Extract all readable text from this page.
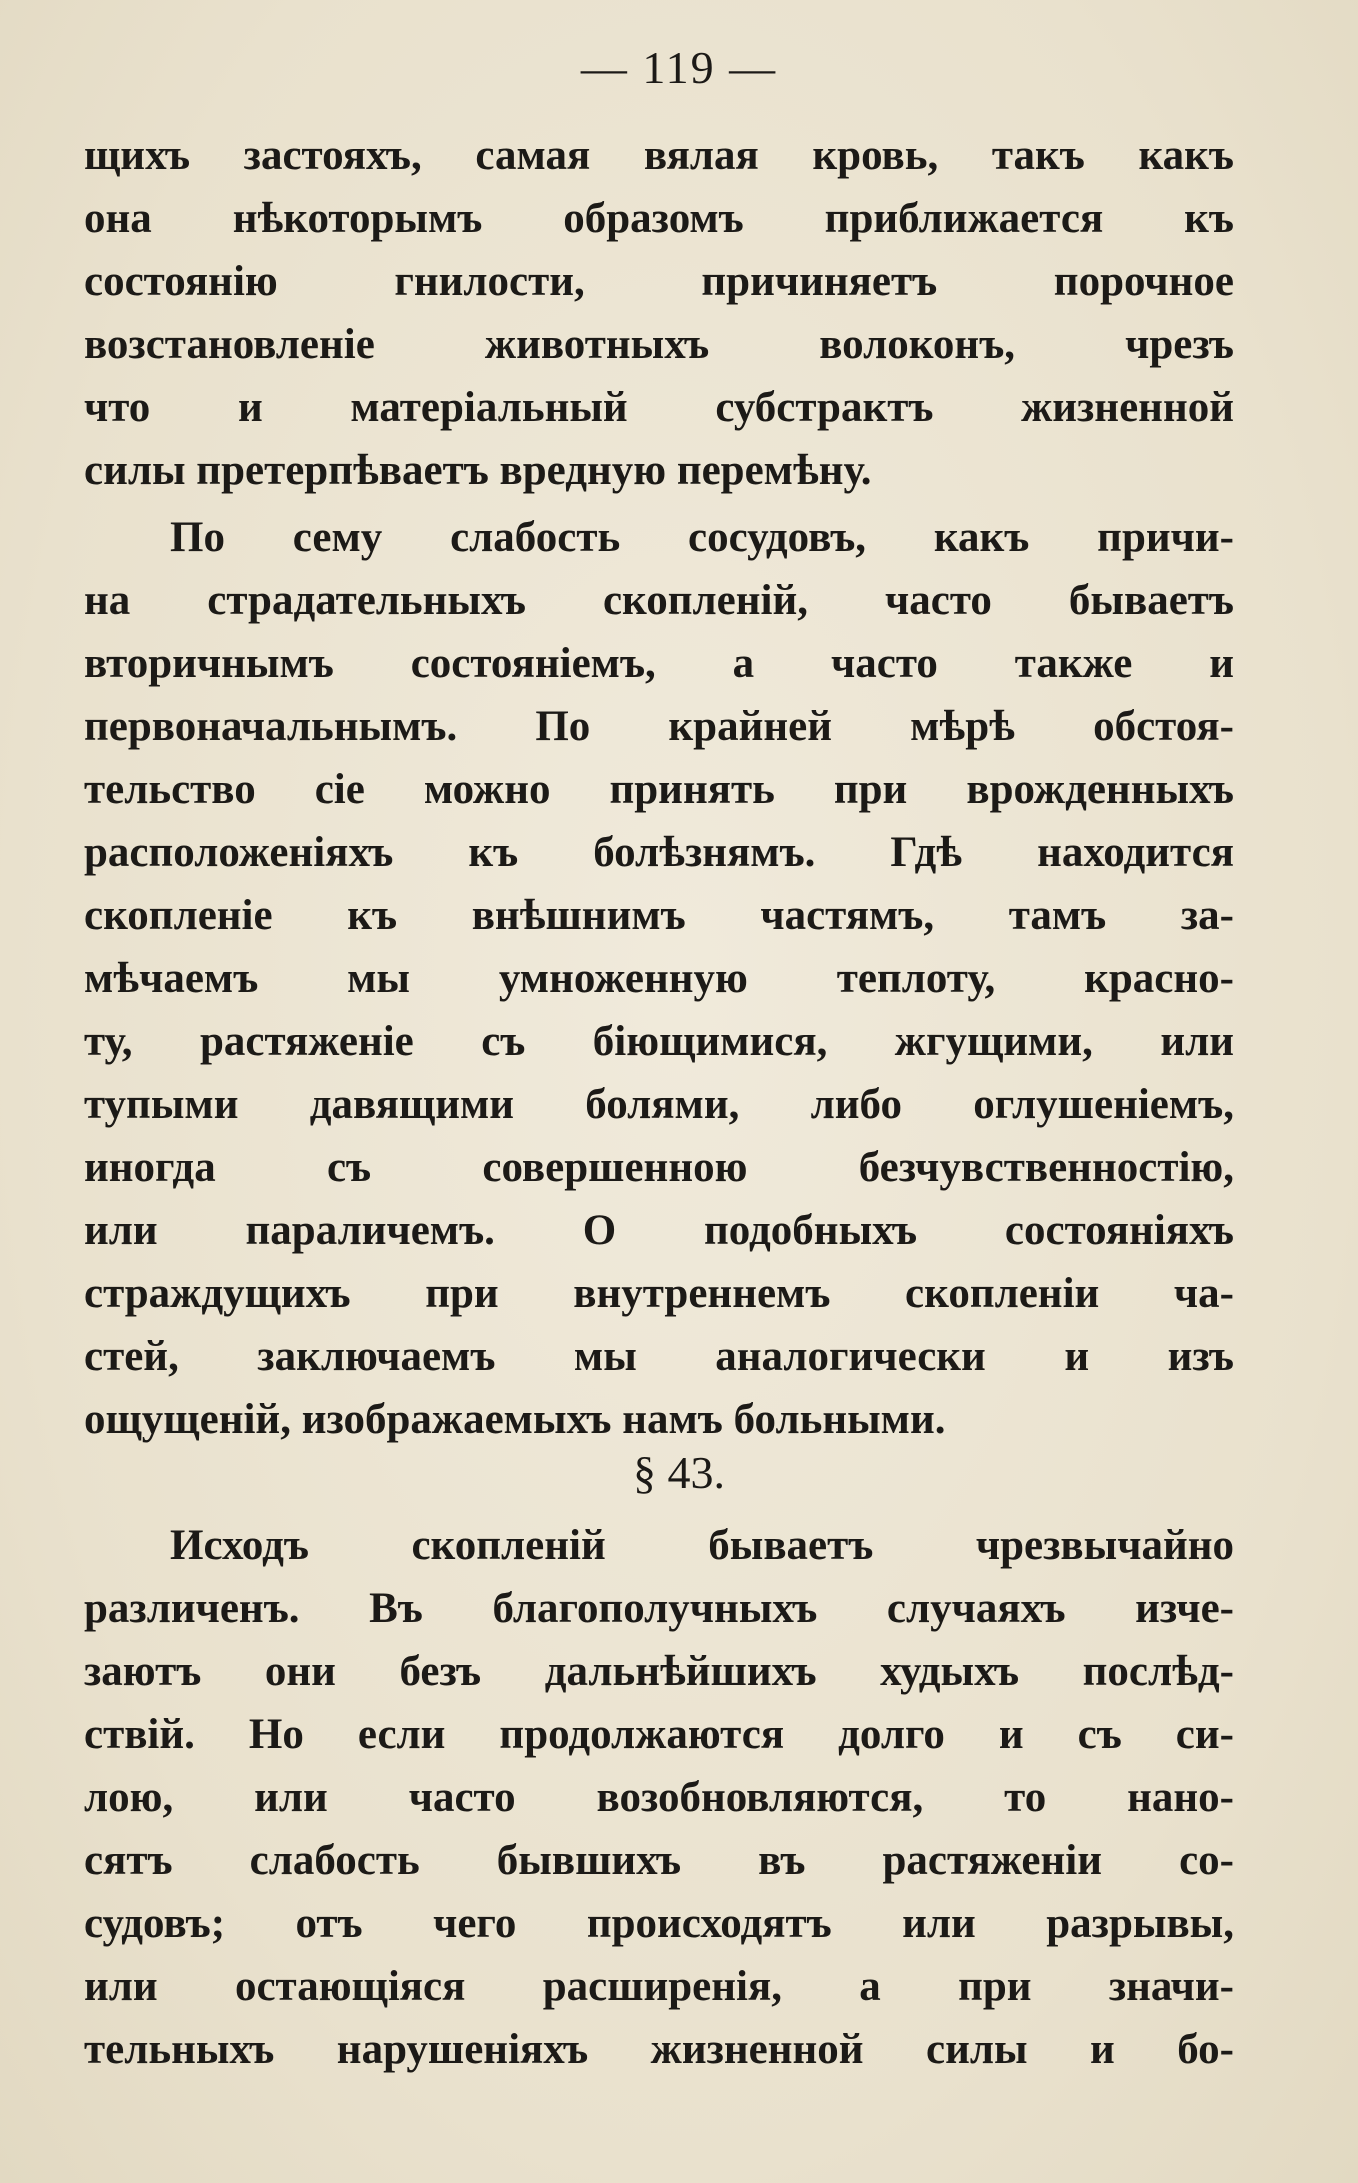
— 119 —
щихъ застояхъ, самая вялая кровь, такъ какъ
она нѣкоторымъ образомъ приближается къ
состоянію гнилости, причиняетъ порочное
возстановленіе животныхъ волоконъ, чрезъ
что и матеріальный субстрактъ жизненной
силы претерпѣваетъ вредную перемѣну.
По сему слабость сосудовъ, какъ причи-
на страдательныхъ скопленій, часто бываетъ
вторичнымъ состояніемъ, а часто также и
первоначальнымъ. По крайней мѣрѣ обстоя-
тельство сіе можно принять при врожденныхъ
расположеніяхъ къ болѣзнямъ. Гдѣ находится
скопленіе къ внѣшнимъ частямъ, тамъ за-
мѣчаемъ мы умноженную теплоту, красно-
ту, растяженіе съ біющимися, жгущими, или
тупыми давящими болями, либо оглушеніемъ,
иногда съ совершенною безчувственностію,
или параличемъ. О подобныхъ состояніяхъ
страждущихъ при внутреннемъ скопленіи ча-
стей, заключаемъ мы аналогически и изъ
ощущеній, изображаемыхъ намъ больными.
§ 43.
Исходъ скопленій бываетъ чрезвычайно
различенъ. Въ благополучныхъ случаяхъ изче-
заютъ они безъ дальнѣйшихъ худыхъ послѣд-
ствій. Но если продолжаются долго и съ си-
лою, или часто возобновляются, то нано-
сятъ слабость бывшихъ въ растяженіи со-
судовъ; отъ чего происходятъ или разрывы,
или остающіяся расширенія, а при значи-
тельныхъ нарушеніяхъ жизненной силы и бо-
